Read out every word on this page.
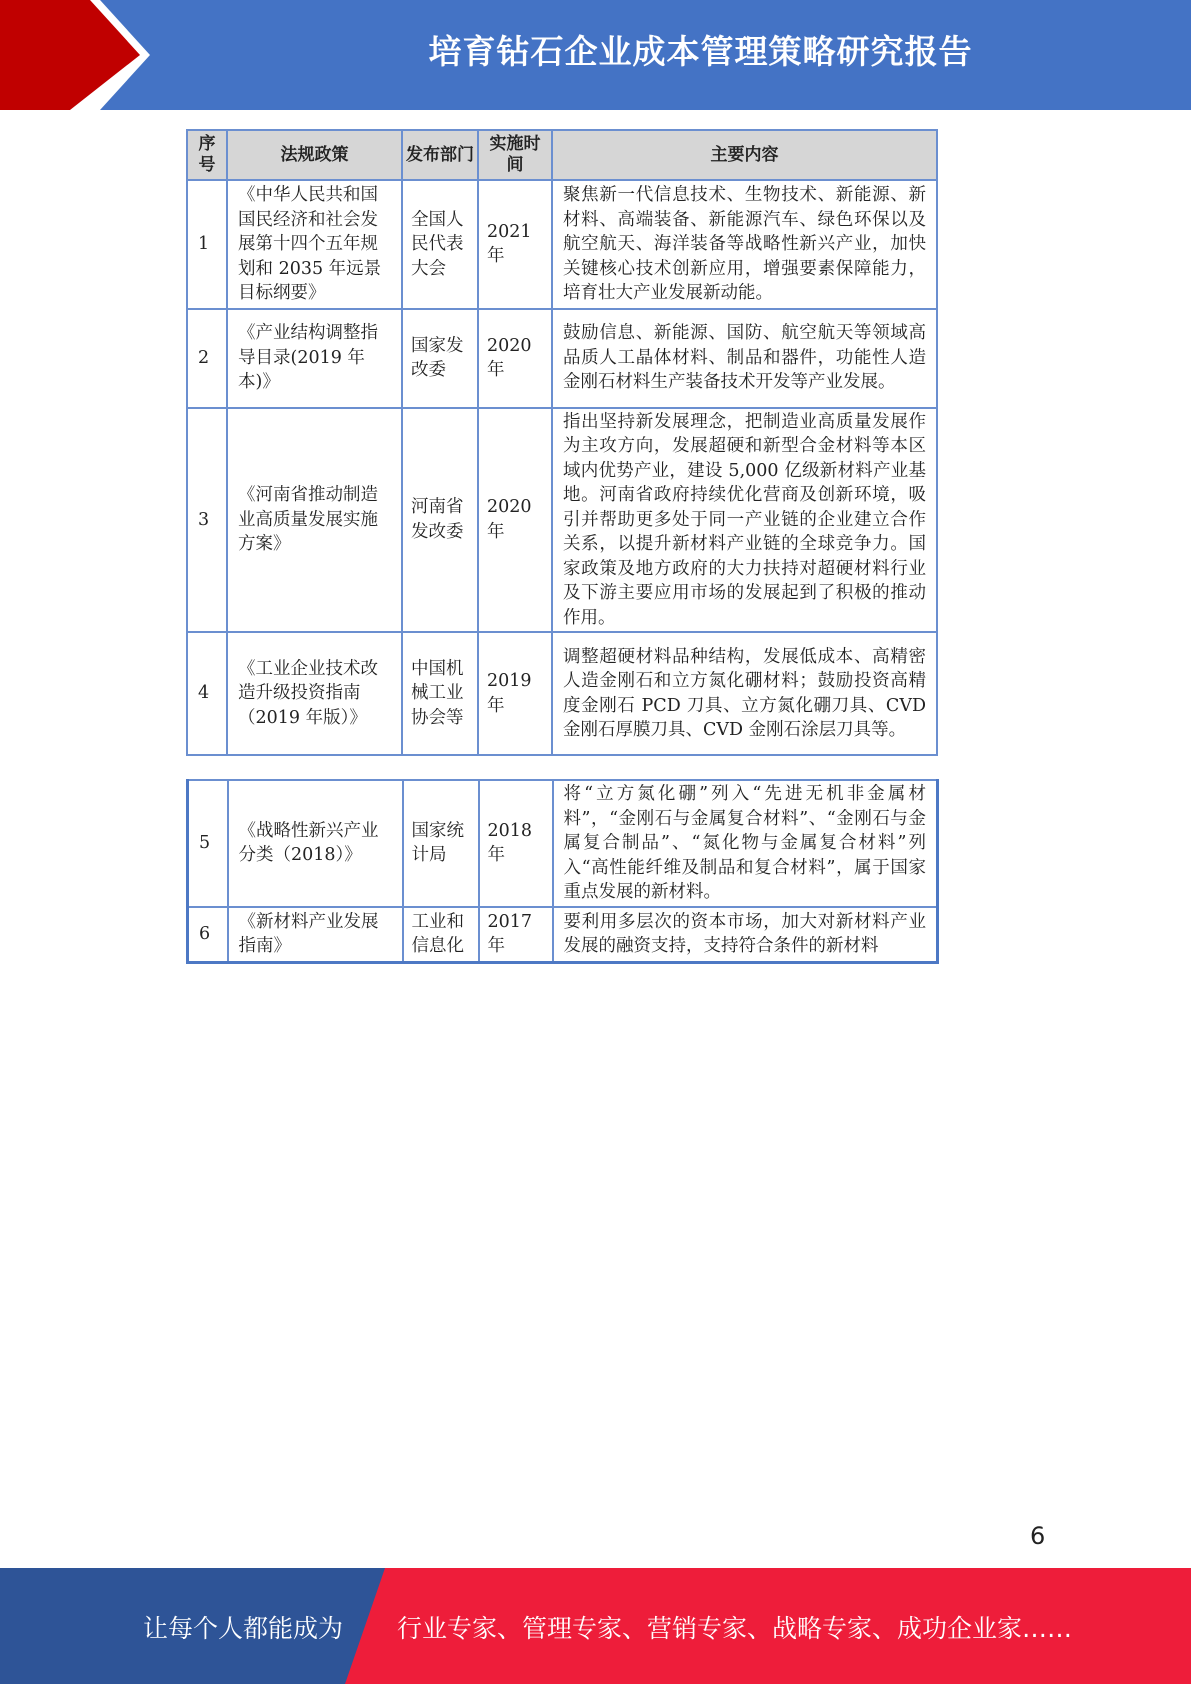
培育钻石企业成本管理策略研究报告
序号	法规政策	发布部门	实施时间	主要内容
1	《中华人民共和国国民经济和社会发展第十四个五年规划和 2035 年远景目标纲要》	全国人民代表大会	2021 年	聚焦新一代信息技术、生物技术、新能源、新材料、高端装备、新能源汽车、绿色环保以及航空航天、海洋装备等战略性新兴产业，加快关键核心技术创新应用，增强要素保障能力，培育壮大产业发展新动能。
2	《产业结构调整指导目录(2019 年本)》	国家发改委	2020 年	鼓励信息、新能源、国防、航空航天等领域高品质人工晶体材料、制品和器件，功能性人造金刚石材料生产装备技术开发等产业发展。
3	《河南省推动制造业高质量发展实施方案》	河南省发改委	2020 年	指出坚持新发展理念，把制造业高质量发展作为主攻方向，发展超硬和新型合金材料等本区域内优势产业，建设 5,000 亿级新材料产业基地。河南省政府持续优化营商及创新环境，吸引并帮助更多处于同一产业链的企业建立合作关系，以提升新材料产业链的全球竞争力。国家政策及地方政府的大力扶持对超硬材料行业及下游主要应用市场的发展起到了积极的推动作用。
4	《工业企业技术改造升级投资指南（2019 年版）》	中国机械工业协会等	2019 年	调整超硬材料品种结构，发展低成本、高精密人造金刚石和立方氮化硼材料；鼓励投资高精度金刚石 PCD 刀具、立方氮化硼刀具、CVD 金刚石厚膜刀具、CVD 金刚石涂层刀具等。
5	《战略性新兴产业分类（2018）》	国家统计局	2018 年	将“立方氮化硼”列入“先进无机非金属材料”，“金刚石与金属复合材料”、“金刚石与金属复合制品”、“氮化物与金属复合材料”列入“高性能纤维及制品和复合材料”，属于国家重点发展的新材料。
6	《新材料产业发展指南》	工业和信息化	2017 年	要利用多层次的资本市场，加大对新材料产业发展的融资支持，支持符合条件的新材料
6
让每个人都能成为 行业专家、管理专家、营销专家、战略专家、成功企业家……
